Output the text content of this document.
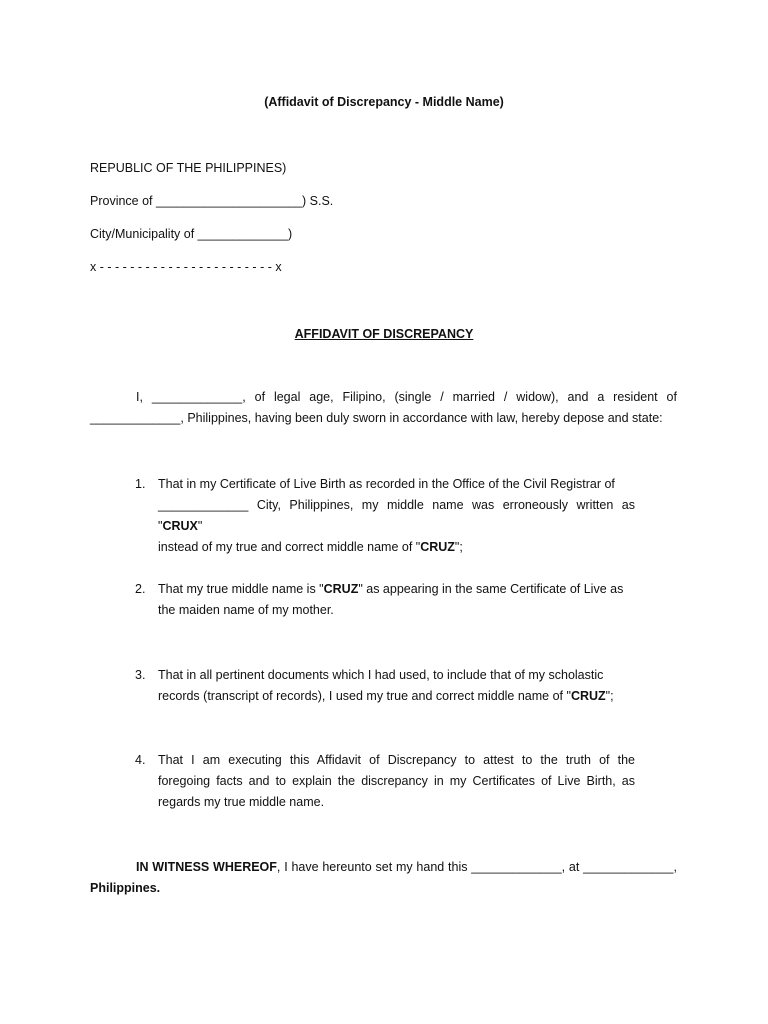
(Affidavit of Discrepancy - Middle Name)
REPUBLIC OF THE PHILIPPINES)
Province of _____________________) S.S.
City/Municipality of _____________)
x - - - - - - - - - - - - - - - - - - - - - - - x
AFFIDAVIT OF DISCREPANCY
I, _____________, of legal age, Filipino, (single / married / widow), and a resident of
_____________, Philippines, having been duly sworn in accordance with law, hereby depose and state:
1.	That in my Certificate of Live Birth as recorded in the Office of the Civil Registrar of
_____________ City, Philippines, my middle name was erroneously written as "CRUX"
instead of my true and correct middle name of "CRUZ";
2.	That my true middle name is "CRUZ" as appearing in the same Certificate of Live as
the maiden name of my mother.
3.	That in all pertinent documents which I had used, to include that of my scholastic
records (transcript of records), I used my true and correct middle name of "CRUZ";
4.	That I am executing this Affidavit of Discrepancy to attest to the truth of the
foregoing facts and to explain the discrepancy in my Certificates of Live Birth, as
regards my true middle name.
IN WITNESS WHEREOF, I have hereunto set my hand this _____________, at _____________,
Philippines.
